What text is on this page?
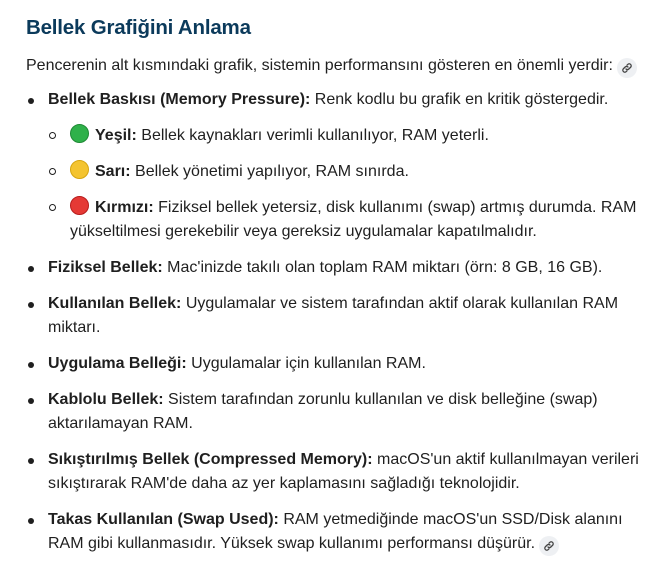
Bellek Grafiğini Anlama

Pencerenin alt kısmındaki grafik, sistemin performansını gösteren en önemli yerdir:

Bellek Baskısı (Memory Pressure): Renk kodlu bu grafik en kritik göstergedir.
Yeşil: Bellek kaynakları verimli kullanılıyor, RAM yeterli.
Sarı: Bellek yönetimi yapılıyor, RAM sınırda.
Kırmızı: Fiziksel bellek yetersiz, disk kullanımı (swap) artmış durumda. RAM yükseltilmesi gerekebilir veya gereksiz uygulamalar kapatılmalıdır.
Fiziksel Bellek: Mac'inizde takılı olan toplam RAM miktarı (örn: 8 GB, 16 GB).
Kullanılan Bellek: Uygulamalar ve sistem tarafından aktif olarak kullanılan RAM miktarı.
Uygulama Belleği: Uygulamalar için kullanılan RAM.
Kablolu Bellek: Sistem tarafından zorunlu kullanılan ve disk belleğine (swap) aktarılamayan RAM.
Sıkıştırılmış Bellek (Compressed Memory): macOS'un aktif kullanılmayan verileri sıkıştırarak RAM'de daha az yer kaplamasını sağladığı teknolojidir.
Takas Kullanılan (Swap Used): RAM yetmediğinde macOS'un SSD/Disk alanını RAM gibi kullanmasıdır. Yüksek swap kullanımı performansı düşürür.
